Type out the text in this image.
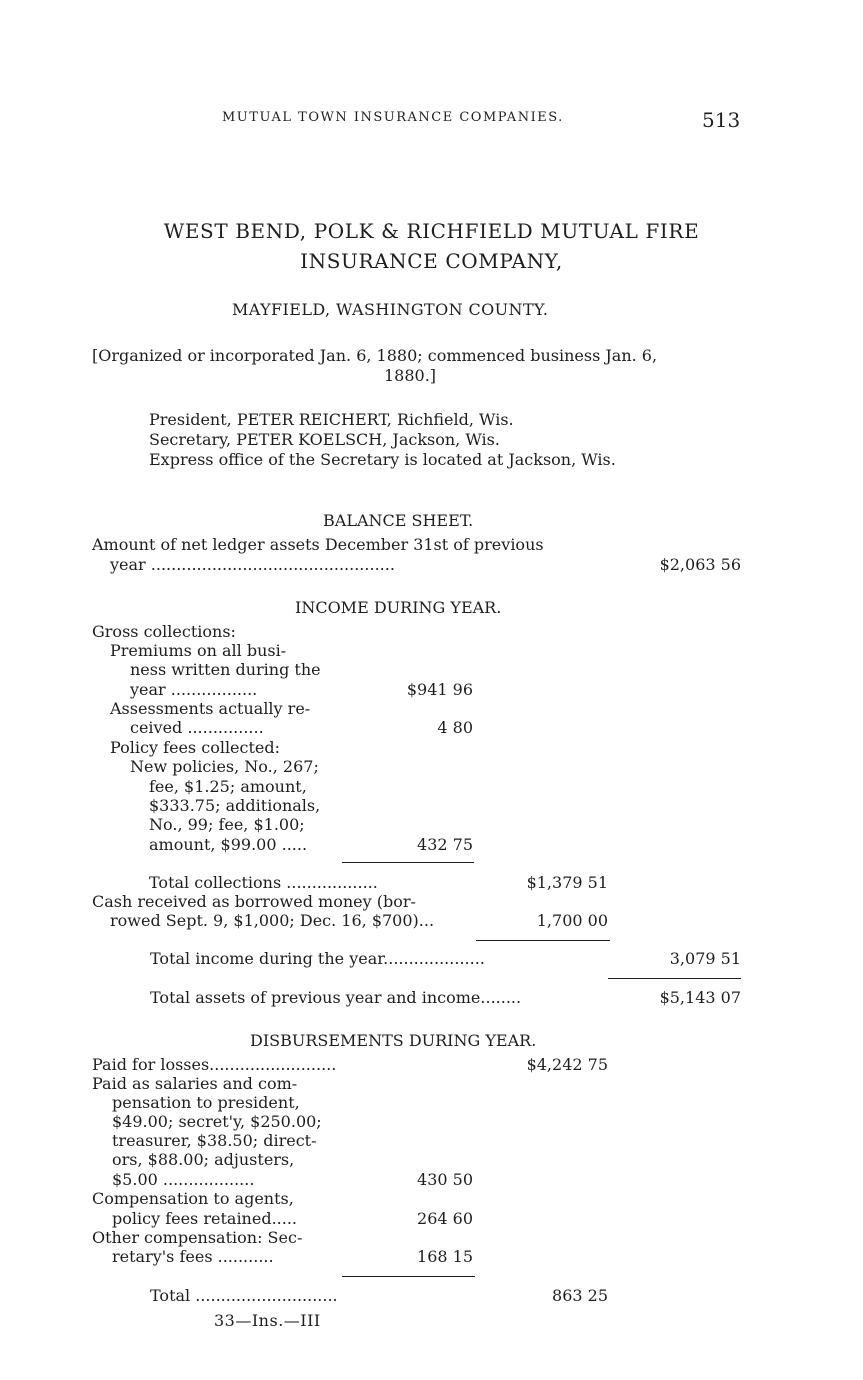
MUTUAL TOWN INSURANCE COMPANIES.	513
WEST BEND, POLK & RICHFIELD MUTUAL FIRE
INSURANCE COMPANY,
MAYFIELD, WASHINGTON COUNTY.
[Organized or incorporated Jan. 6, 1880; commenced business Jan. 6,
1880.]
President, PETER REICHERT, Richfield, Wis.
Secretary, PETER KOELSCH, Jackson, Wis.
Express office of the Secretary is located at Jackson, Wis.
BALANCE SHEET.
Amount of net ledger assets December 31st of previous
year ................................................	$2,063 56
INCOME DURING YEAR.
Gross collections:
Premiums on all busi-
ness written during the
year .................	$941 96
Assessments actually re-
ceived ...............	4 80
Policy fees collected:
New policies, No., 267;
fee, $1.25; amount,
$333.75; additionals,
No., 99; fee, $1.00;
amount, $99.00 .....	432 75
Total collections ..................	$1,379 51
Cash received as borrowed money (bor-
rowed Sept. 9, $1,000; Dec. 16, $700)...	1,700 00
Total income during the year....................	3,079 51
Total assets of previous year and income........	$5,143 07
DISBURSEMENTS DURING YEAR.
Paid for losses.........................	$4,242 75
Paid as salaries and com-
pensation to president,
$49.00; secret'y, $250.00;
treasurer, $38.50; direct-
ors, $88.00; adjusters,
$5.00 ..................	430 50
Compensation to agents,
policy fees retained.....	264 60
Other compensation: Sec-
retary's fees ...........	168 15
Total ............................	863 25
33—Ins.—III
